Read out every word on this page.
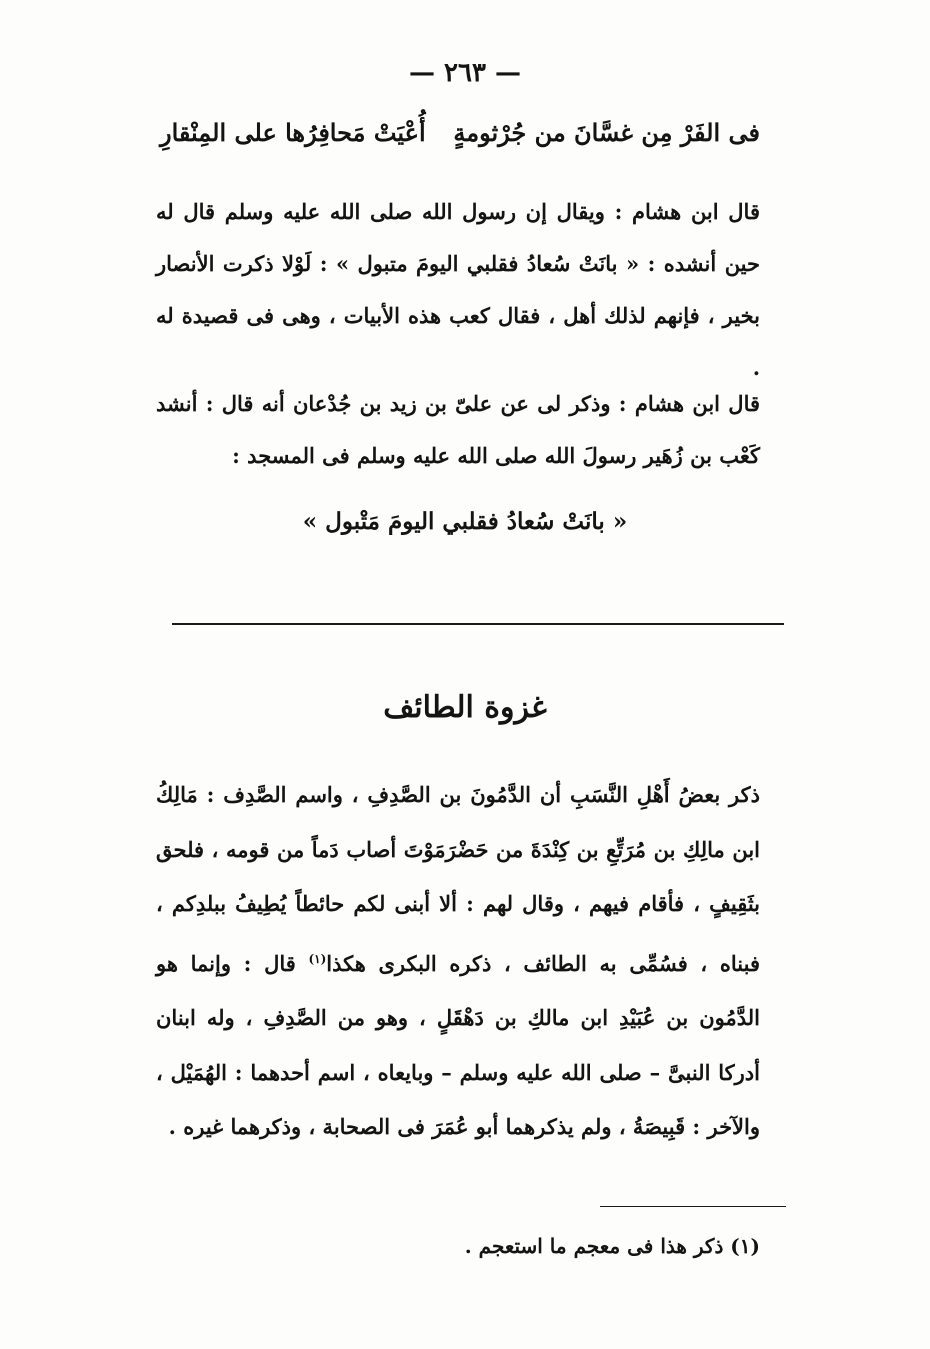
— ٢٦٣ —
فى الفَرْ مِن غسَّانَ من جُرْثومةٍ
أُعْيَتْ مَحافِرُها على المِنْقارِ

قال ابن هشام : ويقال إن رسول الله صلى الله عليه وسلم قال له حين أنشده : « بانَتْ سُعادُ فقلبي اليومَ متبول » : لَوْلا ذكرت الأنصار بخير ، فإنهم لذلك أهل ، فقال كعب هذه الأبيات ، وهى فى قصيدة له .

قال ابن هشام : وذكر لى عن علىّ بن زيد بن جُدْعان أنه قال : أنشد كَعْب بن زُهَير رسولَ الله صلى الله عليه وسلم فى المسجد :

« بانَتْ سُعادُ فقلبي اليومَ مَتْبول »
غزوة الطائف

ذكر بعضُ أَهْلِ النَّسَبِ أن الدَّمُونَ بن الصَّدِفِ ، واسم الصَّدِف : مَالِكُ ابن مالِكِ بن مُرَتِّعِ بن كِنْدَةَ من حَضْرَمَوْتَ أصاب دَماً من قومه ، فلحق بثَقِيفٍ ، فأقام فيهم ، وقال لهم : ألا أبنى لكم حائطاً يُطِيفُ ببلدِكم ، فبناه ، فسُمِّى به الطائف ، ذكره البكرى هكذا$^{(١)}$ قال : وإنما هو الدَّمُون بن عُبَيْدِ ابن مالكِ بن دَهْقَلٍ ، وهو من الصَّدِفِ ، وله ابنان أدركا النبىَّ – صلى الله عليه وسلم – وبايعاه ، اسم أحدهما : الهُمَيْل ، والآخر : قَبِيصَةُ ، ولم يذكرهما أبو عُمَرَ فى الصحابة ، وذكرهما غيره .

(١) ذكر هذا فى معجم ما استعجم .
